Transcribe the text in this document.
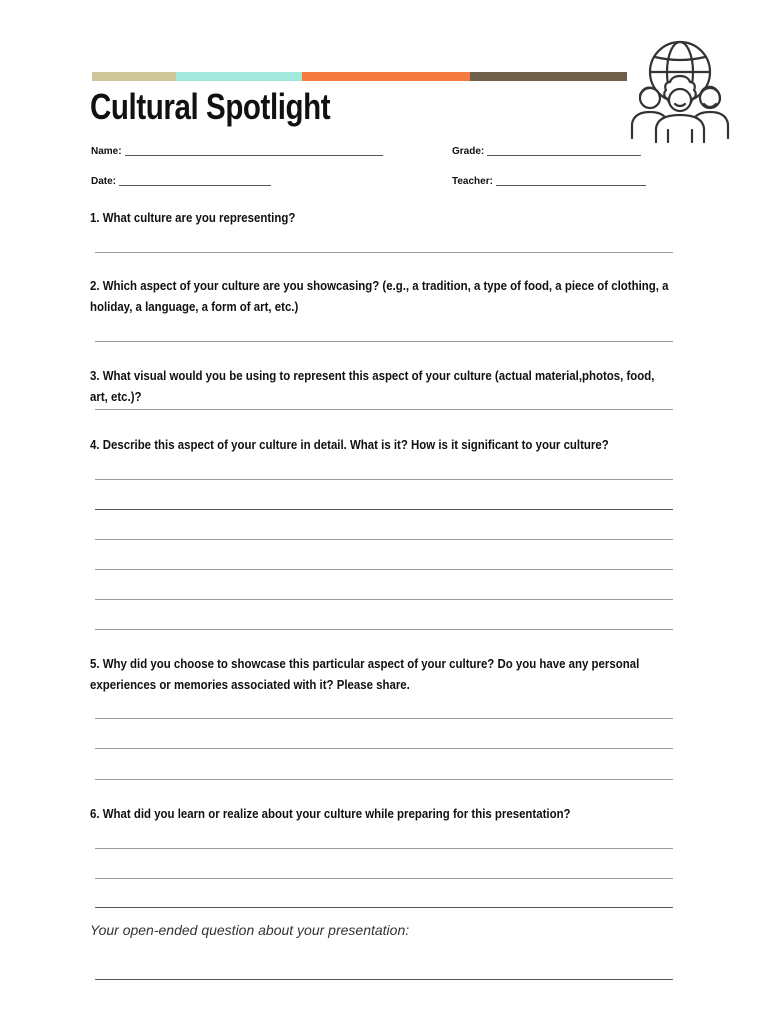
Cultural Spotlight
Name:	Grade:
Date:	Teacher:

1. What culture are you representing?

2. Which aspect of your culture are you showcasing? (e.g., a tradition, a type of food, a piece of clothing, a holiday, a language, a form of art, etc.)

3. What visual would you be using to represent this aspect of your culture (actual material,photos, food, art, etc.)?

4. Describe this aspect of your culture in detail. What is it? How is it significant to your culture?

5. Why did you choose to showcase this particular aspect of your culture? Do you have any personal experiences or memories associated with it? Please share.

6. What did you learn or realize about your culture while preparing for this presentation?

Your open-ended question about your presentation:
